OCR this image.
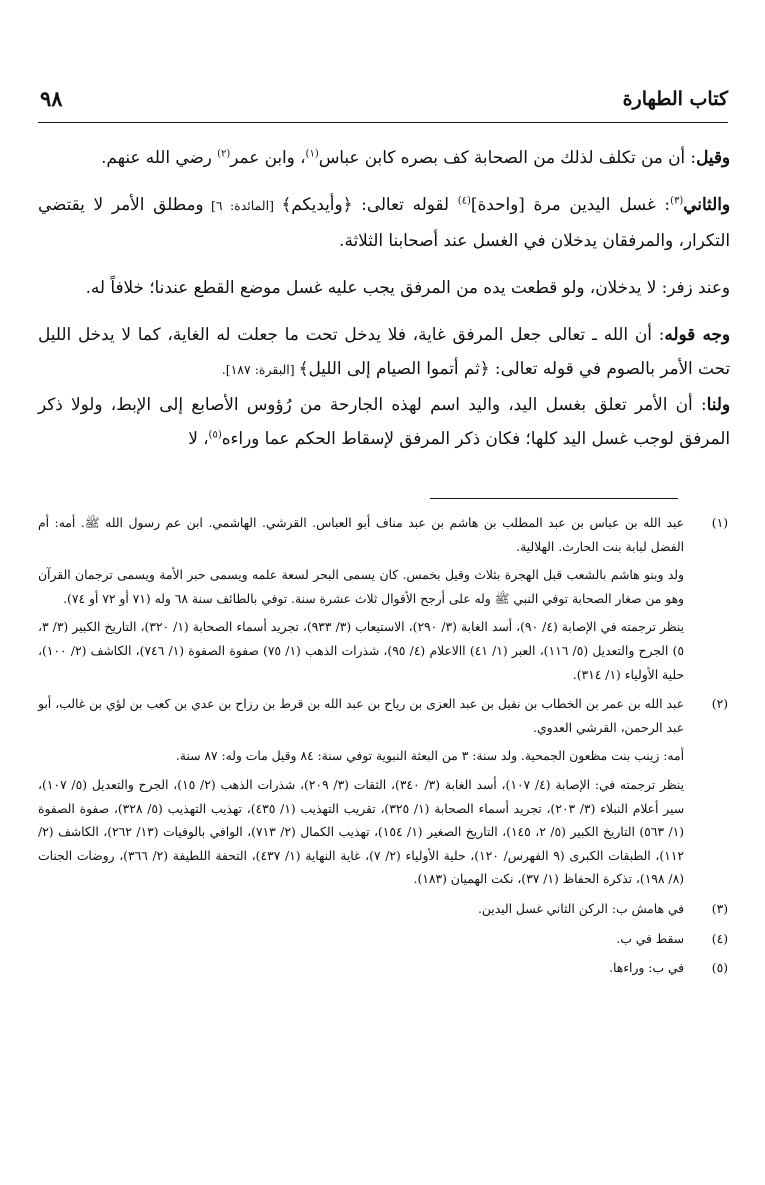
كتاب الطهارة
٩٨

وقيل: أن من تكلف لذلك من الصحابة كف بصره كابن عباس$^{(١)}$، وابن عمر$^{(٢)}$ رضي الله عنهم.

والثاني$^{(٣)}$: غسل اليدين مرة [واحدة]$^{(٤)}$ لقوله تعالى: ﴿وأيديكم﴾ [المائدة: ٦] ومطلق الأمر لا يقتضي التكرار، والمرفقان يدخلان في الغسل عند أصحابنا الثلاثة.

وعند زفر: لا يدخلان، ولو قطعت يده من المرفق يجب عليه غسل موضع القطع عندنا؛ خلافاً له.

وجه قوله: أن الله ـ تعالى جعل المرفق غاية، فلا يدخل تحت ما جعلت له الغاية، كما لا يدخل الليل تحت الأمر بالصوم في قوله تعالى: ﴿ثم أتموا الصيام إلى الليل﴾ [البقرة: ١٨٧].

ولنا: أن الأمر تعلق بغسل اليد، واليد اسم لهذه الجارحة من رُؤوس الأصابع إلى الإبط، ولولا ذكر المرفق لوجب غسل اليد كلها؛ فكان ذكر المرفق لإسقاط الحكم عما وراءه$^{(٥)}$، لا

(١)
عبد الله بن عباس بن عبد المطلب بن هاشم بن عبد مناف أبو العباس. القرشي. الهاشمي. ابن عم رسول الله ﷺ. أمه: أم الفضل لبابة بنت الحارث. الهلالية.
ولد وبنو هاشم بالشعب قبل الهجرة بثلاث وقيل بخمس. كان يسمى البحر لسعة علمه ويسمى حبر الأمة ويسمى ترجمان القرآن وهو من صغار الصحابة توفي النبي ﷺ وله على أرجح الأقوال ثلاث عشرة سنة. توفي بالطائف سنة ٦٨ وله (٧١ أو ٧٢ أو ٧٤).
ينظر ترجمته في الإصابة (٤/ ٩٠)، أسد الغابة (٣/ ٢٩٠)، الاستيعاب (٣/ ٩٣٣)، تجريد أسماء الصحابة (١/ ٣٢٠)، التاريخ الكبير (٣/ ٣، ٥) الجرح والتعديل (٥/ ١١٦)، العبر (١/ ٤١) االاعلام (٤/ ٩٥)، شذرات الذهب (١/ ٧٥) صفوة الصفوة (١/ ٧٤٦)، الكاشف (٢/ ١٠٠)، حلية الأولياء (١/ ٣١٤).
(٢)
عبد الله بن عمر بن الخطاب بن نفيل بن عبد العزى بن رياح بن عبد الله بن قرط بن رزاح بن عدي بن كعب بن لؤي بن غالب، أبو عبد الرحمن، القرشي العدوي.
أمه: زينب بنت مظعون الجمحية. ولد سنة: ٣ من البعثة النبوية توفي سنة: ٨٤ وقيل مات وله: ٨٧ سنة.
ينظر ترجمته في: الإصابة (٤/ ١٠٧)، أسد الغابة (٣/ ٣٤٠)، الثقات (٣/ ٢٠٩)، شذرات الذهب (٢/ ١٥)، الجرح والتعديل (٥/ ١٠٧)، سير أعلام النبلاء (٣/ ٢٠٣)، تجريد أسماء الصحابة (١/ ٣٢٥)، تقريب التهذيب (١/ ٤٣٥)، تهذيب التهذيب (٥/ ٣٢٨)، صفوة الصفوة (١/ ٥٦٣) التاريخ الكبير (٥/ ٢، ١٤٥)، التاريخ الصغير (١/ ١٥٤)، تهذيب الكمال (٢/ ٧١٣)، الوافي بالوفيات (١٣/ ٢٦٢)، الكاشف (٢/ ١١٢)، الطبقات الكبرى (٩ الفهرس/ ١٢٠)، حلية الأولياء (٢/ ٧)، غاية النهاية (١/ ٤٣٧)، التحفة اللطيفة (٢/ ٣٦٦)، روضات الجنات (٨/ ١٩٨)، تذكرة الحفاظ (١/ ٣٧)، نكت الهميان (١٨٣).
(٣)
في هامش ب: الركن الثاني غسل اليدين.
(٤)
سقط في ب.
(٥)
في ب: وراءها.
